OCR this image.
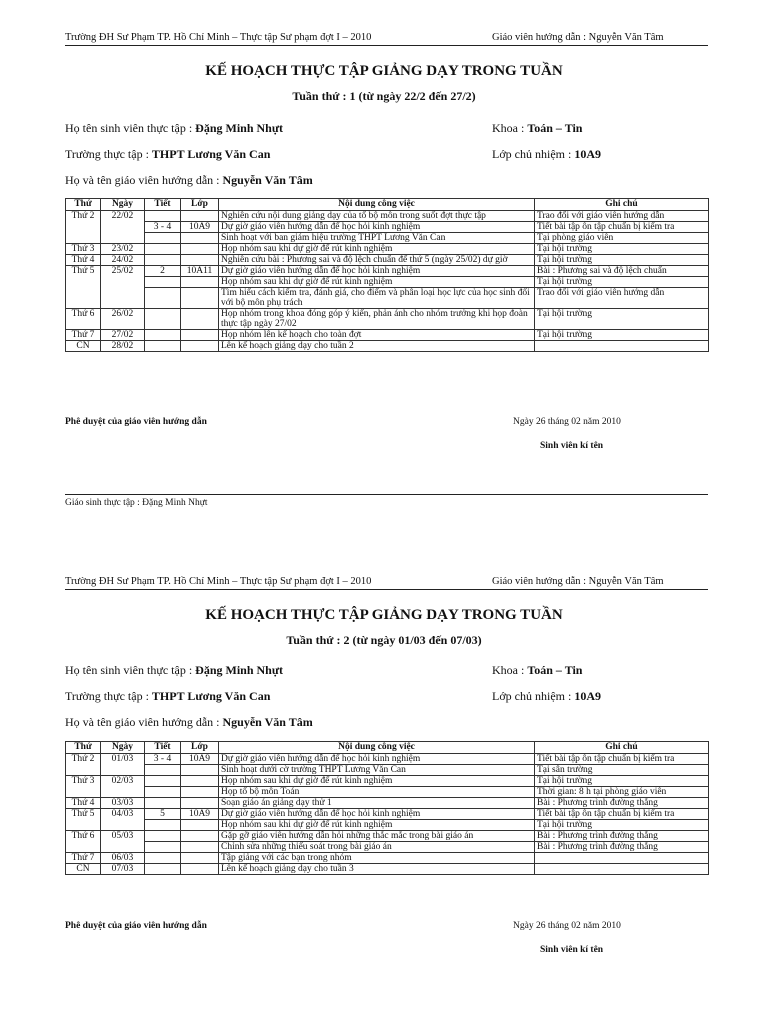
Trường ĐH Sư Phạm TP. Hồ Chí Minh – Thực tập Sư phạm đợt I – 2010	Giáo viên hướng dẫn : Nguyễn Văn Tâm
KẾ HOẠCH THỰC TẬP GIẢNG DẠY TRONG TUẦN
Tuần thứ : 1 (từ ngày 22/2 đến 27/2)
Họ tên sinh viên thực tập : Đặng Minh Nhựt	Khoa : Toán – Tin
Trường thực tập : THPT Lương Văn Can	Lớp chủ nhiệm : 10A9
Họ và tên giáo viên hướng dẫn : Nguyễn Văn Tâm
Thứ	Ngày	Tiết	Lớp	Nội dung công việc	Ghi chú
Thứ 2	22/02			Nghiên cứu nội dung giảng dạy của tổ bộ môn trong suốt đợt thực tập	Trao đổi với giáo viên hướng dẫn
		3 - 4	10A9	Dự giờ giáo viên hướng dẫn để học hỏi kinh nghiệm	Tiết bài tập ôn tập chuẩn bị kiểm tra
				Sinh hoạt với ban giám hiệu trường THPT Lương Văn Can	Tại phòng giáo viên
Thứ 3	23/02			Họp nhóm sau khi dự giờ để rút kinh nghiệm	Tại hội trường
Thứ 4	24/02			Nghiên cứu bài : Phương sai và độ lệch chuẩn để thứ 5 (ngày 25/02) dự giờ	Tại hội trường
Thứ 5	25/02	2	10A11	Dự giờ giáo viên hướng dẫn để học hỏi kinh nghiệm	Bài : Phương sai và độ lệch chuẩn
				Họp nhóm sau khi dự giờ để rút kinh nghiệm	Tại hội trường
				Tìm hiểu cách kiểm tra, đánh giá, cho điểm và phân loại học lực của học sinh đối với bộ môn phụ trách	Trao đổi với giáo viên hướng dẫn
Thứ 6	26/02			Họp nhóm trong khoa đóng góp ý kiến, phản ánh cho nhóm trưởng khi họp đoàn thực tập ngày 27/02	Tại hội trường
Thứ 7	27/02			Họp nhóm lên kế hoạch cho toàn đợt	Tại hội trường
CN	28/02			Lên kế hoạch giảng dạy cho tuần 2	
Phê duyệt của giáo viên hướng dẫn	Ngày 26 tháng 02 năm 2010
Sinh viên kí tên
Giáo sinh thực tập : Đặng Minh Nhựt
Trường ĐH Sư Phạm TP. Hồ Chí Minh – Thực tập Sư phạm đợt I – 2010	Giáo viên hướng dẫn : Nguyễn Văn Tâm
KẾ HOẠCH THỰC TẬP GIẢNG DẠY TRONG TUẦN
Tuần thứ : 2 (từ ngày 01/03 đến 07/03)
Họ tên sinh viên thực tập : Đặng Minh Nhựt	Khoa : Toán – Tin
Trường thực tập : THPT Lương Văn Can	Lớp chủ nhiệm : 10A9
Họ và tên giáo viên hướng dẫn : Nguyễn Văn Tâm
Thứ	Ngày	Tiết	Lớp	Nội dung công việc	Ghi chú
Thứ 2	01/03	3 - 4	10A9	Dự giờ giáo viên hướng dẫn để học hỏi kinh nghiệm	Tiết bài tập ôn tập chuẩn bị kiểm tra
				Sinh hoạt dưới cờ trường THPT Lương Văn Can	Tại sân trường
Thứ 3	02/03			Họp nhóm sau khi dự giờ để rút kinh nghiệm	Tại hội trường
				Họp tổ bộ môn Toán	Thời gian: 8 h tại phòng giáo viên
Thứ 4	03/03			Soạn giáo án giảng dạy thử 1	Bài : Phương trình đường thẳng
Thứ 5	04/03	5	10A9	Dự giờ giáo viên hướng dẫn để học hỏi kinh nghiệm	Tiết bài tập ôn tập chuẩn bị kiểm tra
				Họp nhóm sau khi dự giờ để rút kinh nghiệm	Tại hội trường
Thứ 6	05/03			Gặp gỡ giáo viên hướng dẫn hỏi những thắc mắc trong bài giáo án	Bài : Phương trình đường thẳng
				Chỉnh sửa những thiếu soát trong bài giáo án	Bài : Phương trình đường thẳng
Thứ 7	06/03			Tập giảng với các bạn trong nhóm	
CN	07/03			Lên kế hoạch giảng dạy cho tuần 3	
Phê duyệt của giáo viên hướng dẫn	Ngày 26 tháng 02 năm 2010
Sinh viên kí tên
